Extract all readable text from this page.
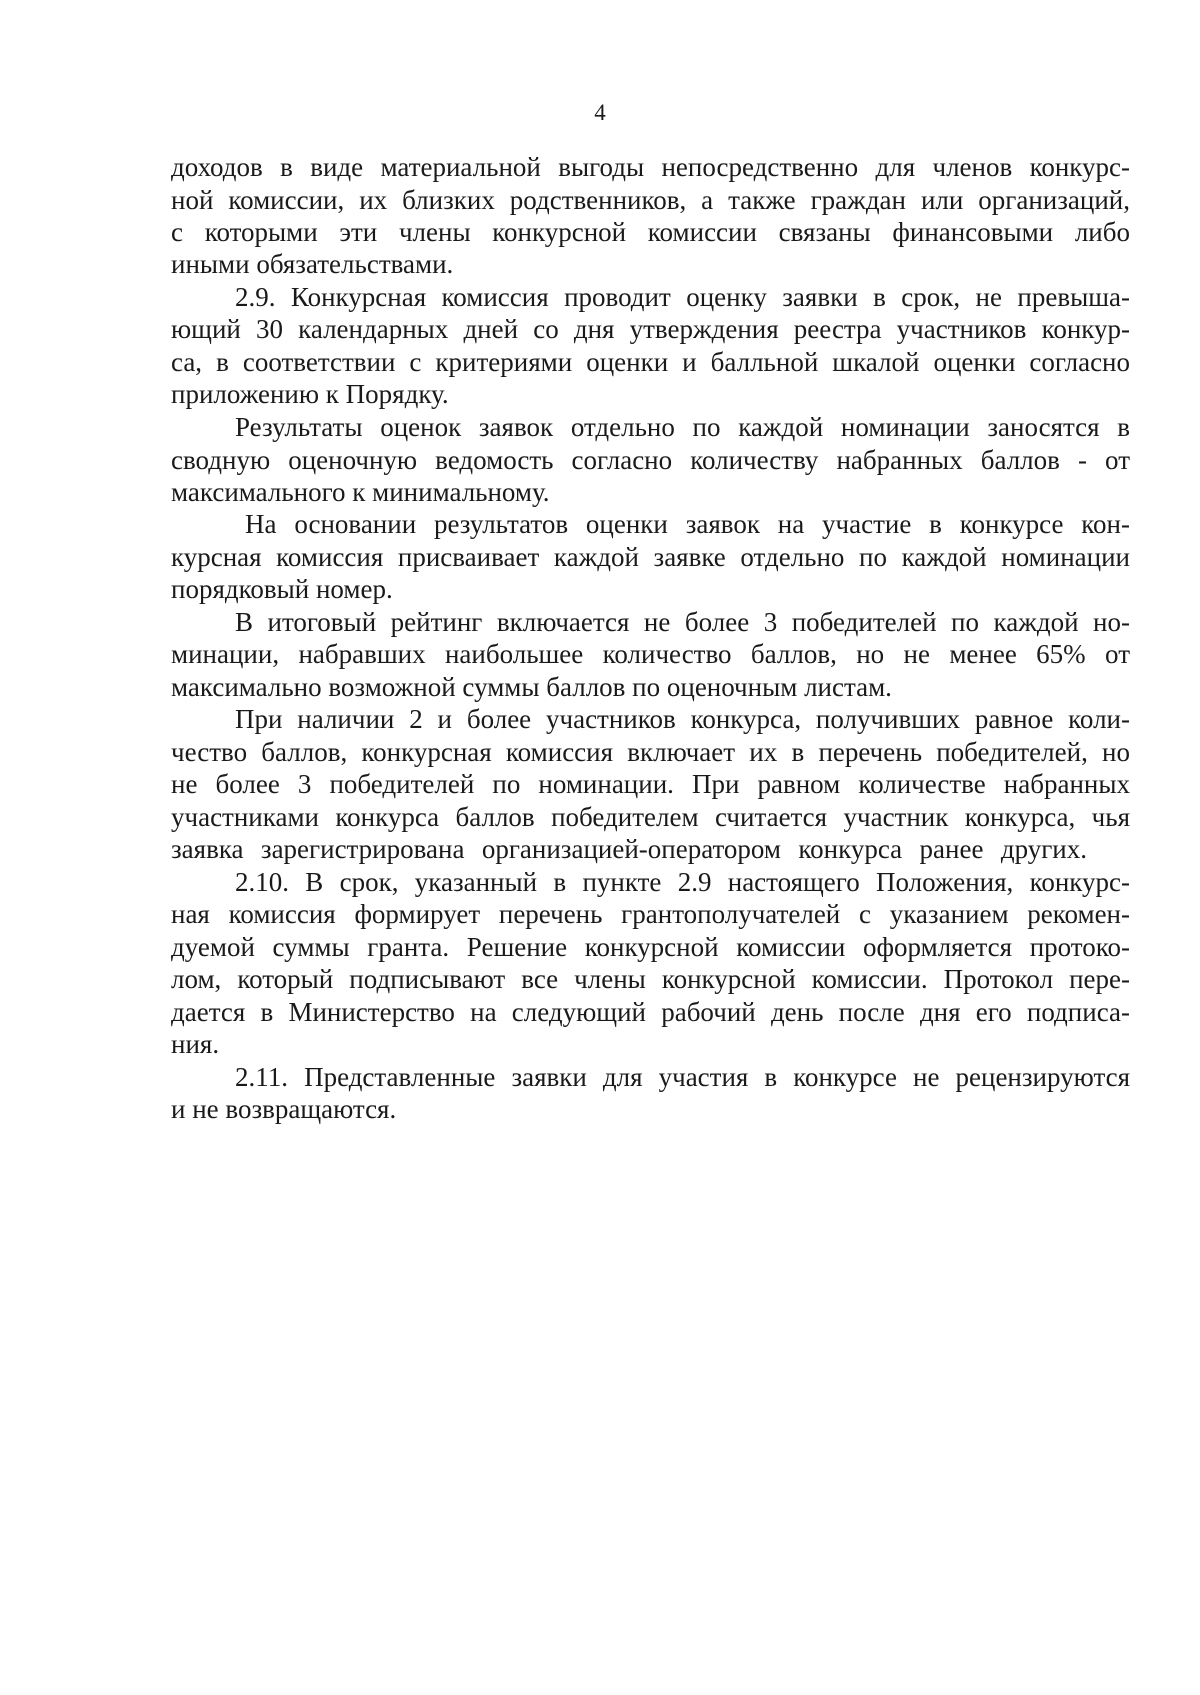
4
доходов в виде материальной выгоды непосредственно для членов конкурс-
ной комиссии, их близких родственников, а также граждан или организаций,
с которыми эти члены конкурсной комиссии связаны финансовыми либо
иными обязательствами.
2.9. Конкурсная комиссия проводит оценку заявки в срок, не превыша-
ющий 30 календарных дней со дня утверждения реестра участников конкур-
са, в соответствии с критериями оценки и балльной шкалой оценки согласно
приложению к Порядку.
Результаты оценок заявок отдельно по каждой номинации заносятся в
сводную оценочную ведомость согласно количеству набранных баллов - от
максимального к минимальному.
На основании результатов оценки заявок на участие в конкурсе кон-
курсная комиссия присваивает каждой заявке отдельно по каждой номинации
порядковый номер.
В итоговый рейтинг включается не более 3 победителей по каждой но-
минации, набравших наибольшее количество баллов, но не менее 65% от
максимально возможной суммы баллов по оценочным листам.
При наличии 2 и более участников конкурса, получивших равное коли-
чество баллов, конкурсная комиссия включает их в перечень победителей, но
не более 3 победителей по номинации. При равном количестве набранных
участниками конкурса баллов победителем считается участник конкурса, чья
заявка зарегистрирована организацией-оператором конкурса ранее других.
2.10. В срок, указанный в пункте 2.9 настоящего Положения, конкурс-
ная комиссия формирует перечень грантополучателей с указанием рекомен-
дуемой суммы гранта. Решение конкурсной комиссии оформляется протоко-
лом, который подписывают все члены конкурсной комиссии. Протокол пере-
дается в Министерство на следующий рабочий день после дня его подписа-
ния.
2.11. Представленные заявки для участия в конкурсе не рецензируются
и не возвращаются.
